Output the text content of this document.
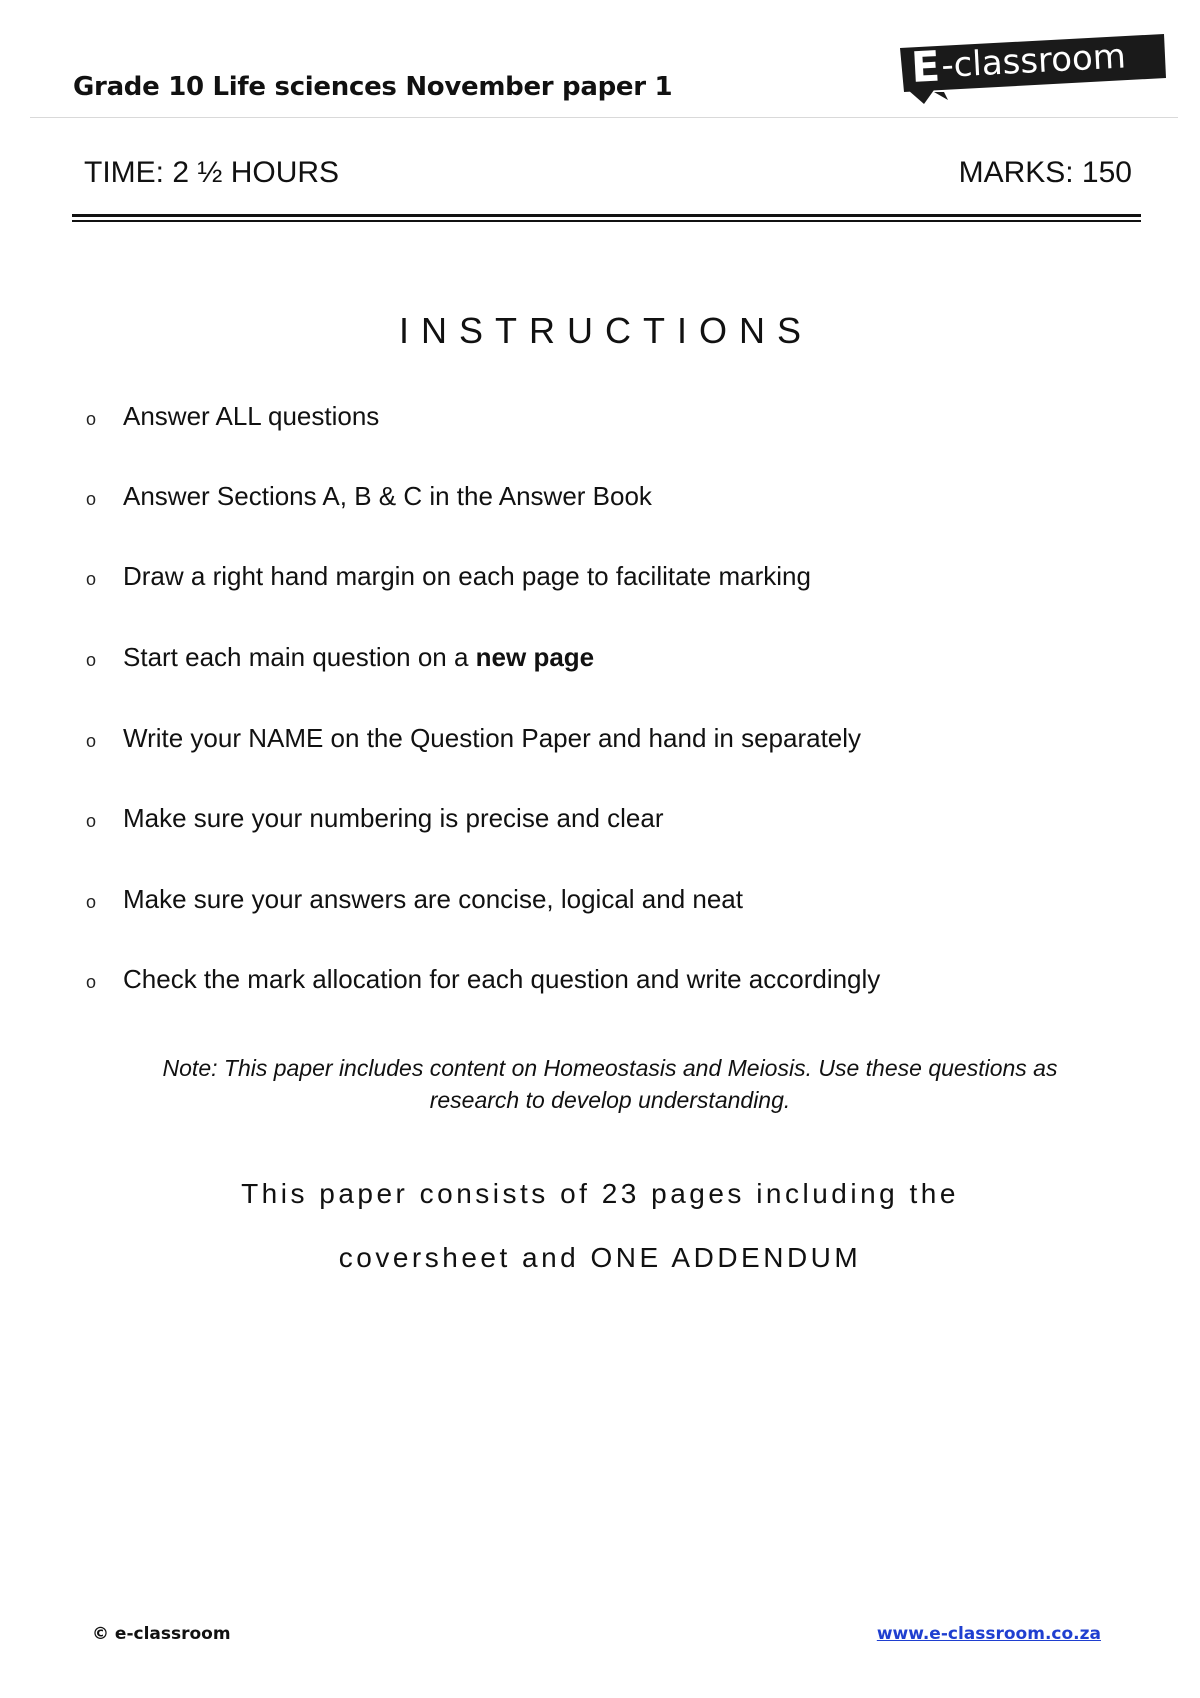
Grade 10 Life sciences November paper 1	E -classroom
TIME: 2 ½ HOURS	MARKS: 150
INSTRUCTIONS
o	Answer ALL questions
o	Answer Sections A, B & C in the Answer Book
o	Draw a right hand margin on each page to facilitate marking
o	Start each main question on a new page
o	Write your NAME on the Question Paper and hand in separately
o	Make sure your numbering is precise and clear
o	Make sure your answers are concise, logical and neat
o	Check the mark allocation for each question and write accordingly
Note: This paper includes content on Homeostasis and Meiosis. Use these questions as research to develop understanding.
This paper consists of 23 pages including the
coversheet and ONE ADDENDUM
© e-classroom	www.e-classroom.co.za
